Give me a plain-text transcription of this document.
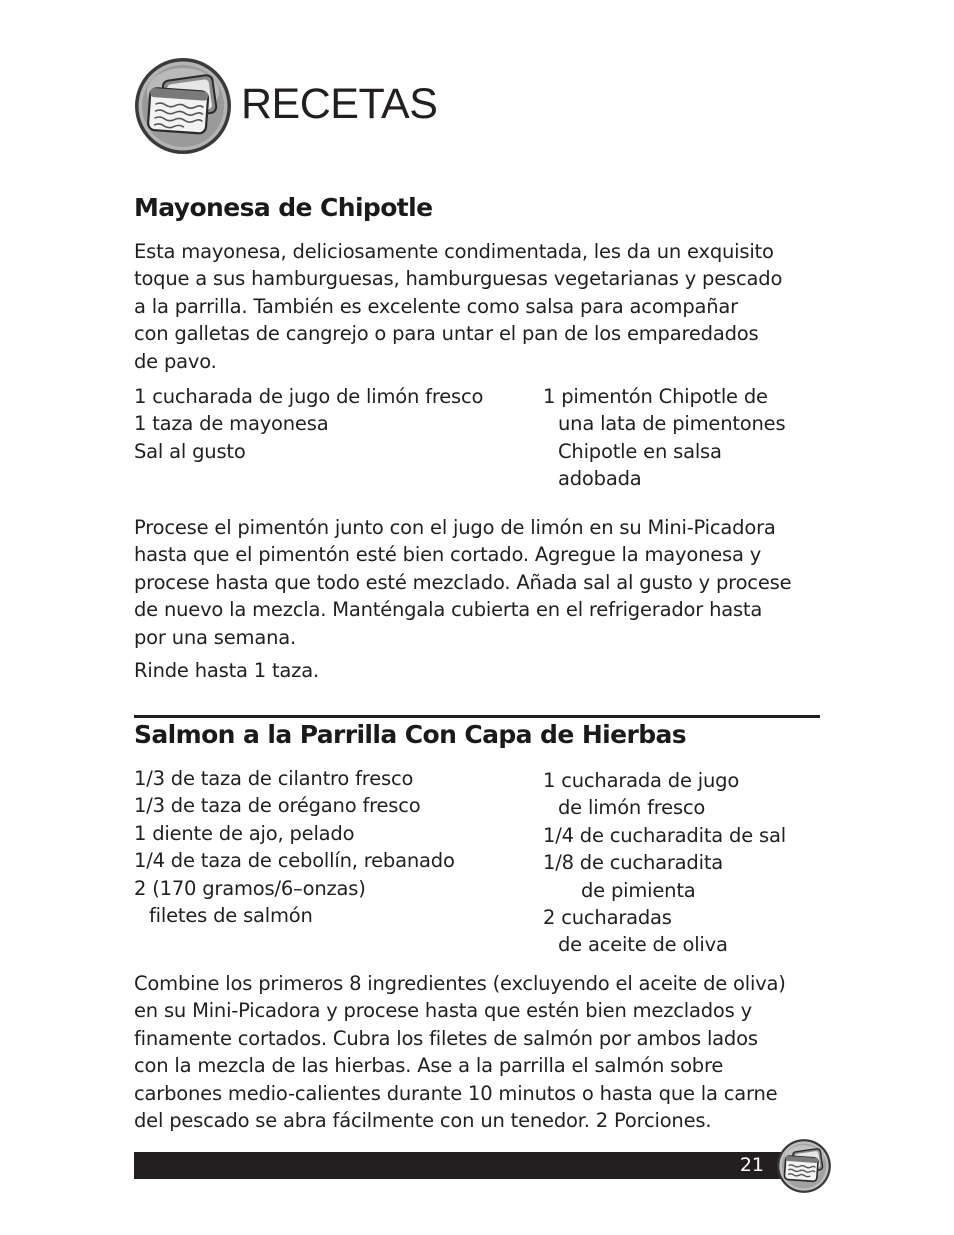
RECETAS
Mayonesa de Chipotle
Esta mayonesa, deliciosamente condimentada, les da un exquisito
toque a sus hamburguesas, hamburguesas vegetarianas y pescado
a la parrilla. También es excelente como salsa para acompañar
con galletas de cangrejo o para untar el pan de los emparedados
de pavo.
1 cucharada de jugo de limón fresco
1 taza de mayonesa
Sal al gusto
1 pimentón Chipotle de
una lata de pimentones
Chipotle en salsa
adobada
Procese el pimentón junto con el jugo de limón en su Mini-Picadora
hasta que el pimentón esté bien cortado. Agregue la mayonesa y
procese hasta que todo esté mezclado. Añada sal al gusto y procese
de nuevo la mezcla. Manténgala cubierta en el refrigerador hasta
por una semana.
Rinde hasta 1 taza.
Salmon a la Parrilla Con Capa de Hierbas
1/3 de taza de cilantro fresco
1/3 de taza de orégano fresco
1 diente de ajo, pelado
1/4 de taza de cebollín, rebanado
2 (170 gramos/6–onzas)
filetes de salmón
1 cucharada de jugo
de limón fresco
1/4 de cucharadita de sal
1/8 de cucharadita
de pimienta
2 cucharadas
de aceite de oliva
Combine los primeros 8 ingredientes (excluyendo el aceite de oliva)
en su Mini-Picadora y procese hasta que estén bien mezclados y
finamente cortados. Cubra los filetes de salmón por ambos lados
con la mezcla de las hierbas. Ase a la parrilla el salmón sobre
carbones medio-calientes durante 10 minutos o hasta que la carne
del pescado se abra fácilmente con un tenedor. 2 Porciones.
21
